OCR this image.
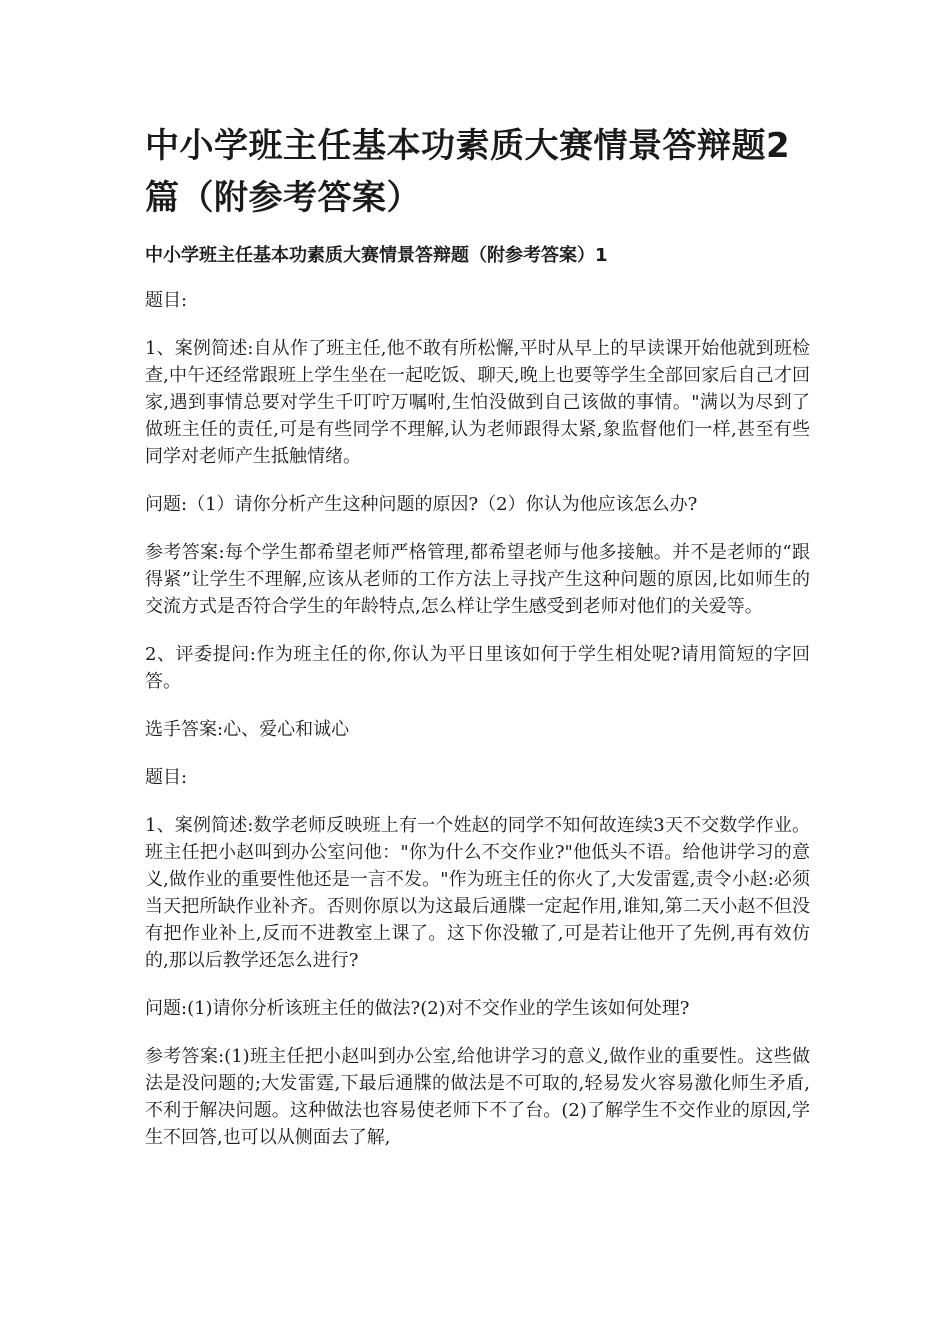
中小学班主任基本功素质大赛情景答辩题2篇（附参考答案）
中小学班主任基本功素质大赛情景答辩题（附参考答案）1

题目:

1、案例简述:自从作了班主任,他不敢有所松懈,平时从早上的早读课开始他就到班检查,中午还经常跟班上学生坐在一起吃饭、聊天,晚上也要等学生全部回家后自己才回家,遇到事情总要对学生千叮咛万嘱咐,生怕没做到自己该做的事情。"满以为尽到了做班主任的责任,可是有些同学不理解,认为老师跟得太紧,象监督他们一样,甚至有些同学对老师产生抵触情绪。

问题:（1）请你分析产生这种问题的原因?（2）你认为他应该怎么办?

参考答案:每个学生都希望老师严格管理,都希望老师与他多接触。并不是老师的“跟得紧”让学生不理解,应该从老师的工作方法上寻找产生这种问题的原因,比如师生的交流方式是否符合学生的年龄特点,怎么样让学生感受到老师对他们的关爱等。

2、评委提问:作为班主任的你,你认为平日里该如何于学生相处呢?请用简短的字回答。

选手答案:心、爱心和诚心

题目:

1、案例简述:数学老师反映班上有一个姓赵的同学不知何故连续3天不交数学作业。班主任把小赵叫到办公室问他："你为什么不交作业?"他低头不语。给他讲学习的意义,做作业的重要性他还是一言不发。"作为班主任的你火了,大发雷霆,责令小赵:必须当天把所缺作业补齐。否则你原以为这最后通牒一定起作用,谁知,第二天小赵不但没有把作业补上,反而不进教室上课了。这下你没辙了,可是若让他开了先例,再有效仿的,那以后教学还怎么进行?

问题:(1)请你分析该班主任的做法?(2)对不交作业的学生该如何处理?

参考答案:(1)班主任把小赵叫到办公室,给他讲学习的意义,做作业的重要性。这些做法是没问题的;大发雷霆,下最后通牒的做法是不可取的,轻易发火容易激化师生矛盾,不利于解决问题。这种做法也容易使老师下不了台。(2)了解学生不交作业的原因,学生不回答,也可以从侧面去了解,
